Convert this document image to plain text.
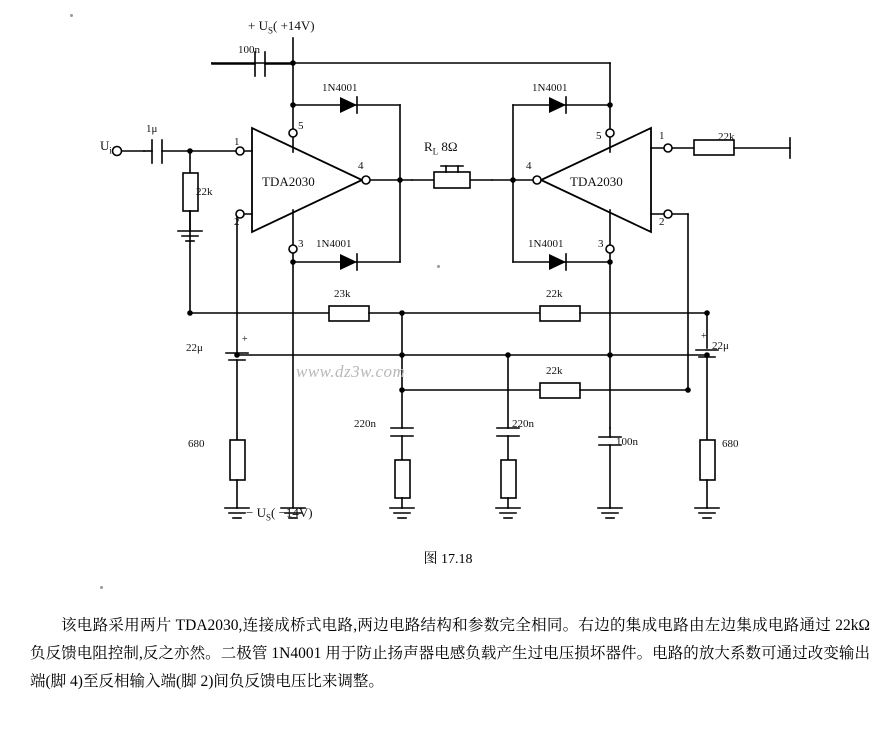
+ $U_S( +14V)$
100n
1N4001	1N4001
1N4001	1N4001
$U_i$
1μ
22k
TDA2030	TDA2030
1
2
3
4
5
1
2
3
4
5
$R_L$ 8Ω
23k	22k
22k
22k
22μ
+
22μ
+
680	680
220n	220n
100n
− $U_S( -14V)$
www.dz3w.com
图 17.18

该电路采用两片 TDA2030,连接成桥式电路,两边电路结构和参数完全相同。右边的集成电路由左边集成电路通过 22kΩ 负反馈电阻控制,反之亦然。二极管 1N4001 用于防止扬声器电感负载产生过电压损坏器件。电路的放大系数可通过改变输出端(脚 4)至反相输入端(脚 2)间负反馈电压比来调整。
